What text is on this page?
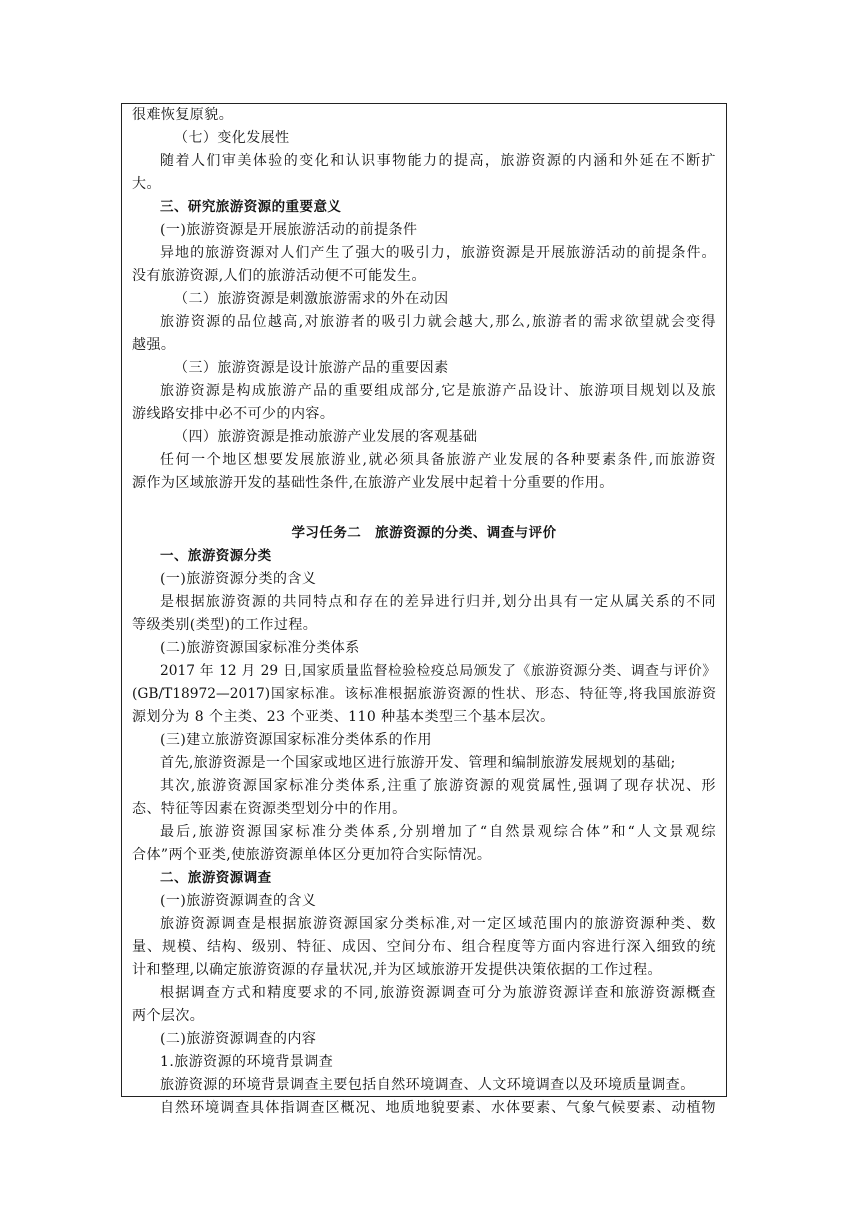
很难恢复原貌。
（七）变化发展性
随着人们审美体验的变化和认识事物能力的提高，旅游资源的内涵和外延在不断扩
大。
三、研究旅游资源的重要意义
(一)旅游资源是开展旅游活动的前提条件
异地的旅游资源对人们产生了强大的吸引力，旅游资源是开展旅游活动的前提条件。
没有旅游资源,人们的旅游活动便不可能发生。
（二）旅游资源是刺激旅游需求的外在动因
旅游资源的品位越高,对旅游者的吸引力就会越大,那么,旅游者的需求欲望就会变得
越强。
（三）旅游资源是设计旅游产品的重要因素
旅游资源是构成旅游产品的重要组成部分,它是旅游产品设计、旅游项目规划以及旅
游线路安排中必不可少的内容。
（四）旅游资源是推动旅游产业发展的客观基础
任何一个地区想要发展旅游业,就必须具备旅游产业发展的各种要素条件,而旅游资
源作为区域旅游开发的基础性条件,在旅游产业发展中起着十分重要的作用。
学习任务二　旅游资源的分类、调查与评价
一、旅游资源分类
(一)旅游资源分类的含义
是根据旅游资源的共同特点和存在的差异进行归并,划分出具有一定从属关系的不同
等级类别(类型)的工作过程。
(二)旅游资源国家标准分类体系
2017 年 12 月 29 日,国家质量监督检验检疫总局颁发了《旅游资源分类、调查与评价》
(GB/T18972—2017)国家标准。该标准根据旅游资源的性状、形态、特征等,将我国旅游资
源划分为 8 个主类、23 个亚类、110 种基本类型三个基本层次。
(三)建立旅游资源国家标准分类体系的作用
首先,旅游资源是一个国家或地区进行旅游开发、管理和编制旅游发展规划的基础;
其次,旅游资源国家标准分类体系,注重了旅游资源的观赏属性,强调了现存状况、形
态、特征等因素在资源类型划分中的作用。
最后,旅游资源国家标准分类体系,分别增加了“自然景观综合体”和“人文景观综
合体”两个亚类,使旅游资源单体区分更加符合实际情况。
二、旅游资源调查
(一)旅游资源调查的含义
旅游资源调查是根据旅游资源国家分类标准,对一定区域范围内的旅游资源种类、数
量、规模、结构、级别、特征、成因、空间分布、组合程度等方面内容进行深入细致的统
计和整理,以确定旅游资源的存量状况,并为区域旅游开发提供决策依据的工作过程。
根据调查方式和精度要求的不同,旅游资源调查可分为旅游资源详查和旅游资源概查
两个层次。
(二)旅游资源调查的内容
1.旅游资源的环境背景调查
旅游资源的环境背景调查主要包括自然环境调查、人文环境调查以及环境质量调查。
自然环境调查具体指调查区概况、地质地貌要素、水体要素、气象气候要素、动植物
